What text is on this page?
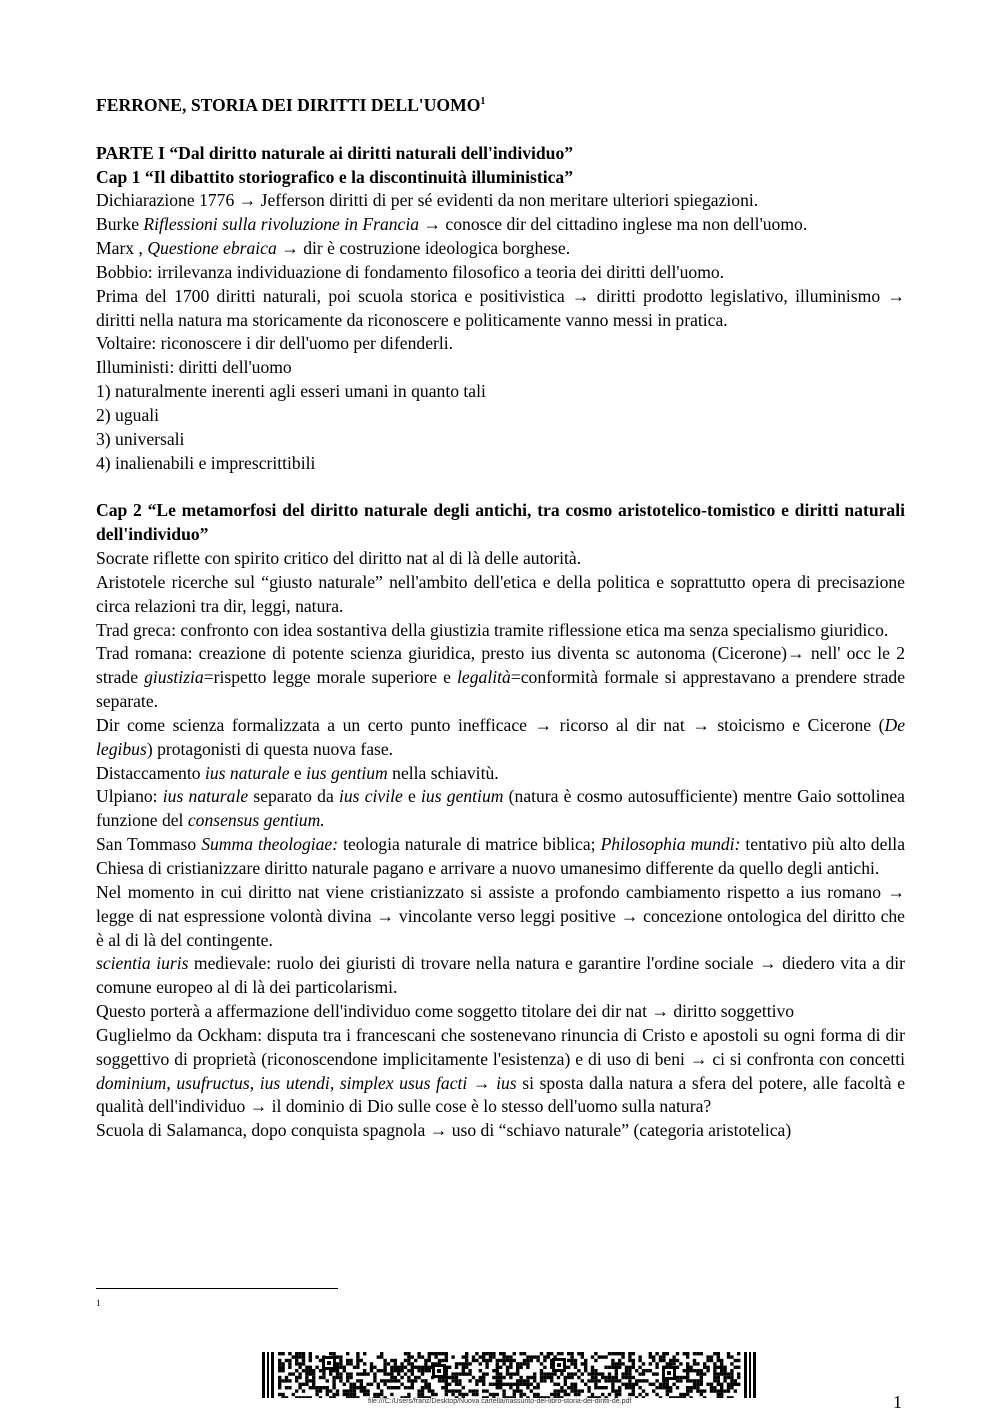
FERRONE, STORIA DEI DIRITTI DELL'UOMO$^1$

PARTE I “Dal diritto naturale ai diritti naturali dell'individuo”

Cap 1 “Il dibattito storiografico e la discontinuità illuministica”

Dichiarazione 1776 → Jefferson diritti di per sé evidenti da non meritare ulteriori spiegazioni.

Burke Riflessioni sulla rivoluzione in Francia → conosce dir del cittadino inglese ma non dell'uomo.

Marx , Questione ebraica → dir è costruzione ideologica borghese.

Bobbio: irrilevanza individuazione di fondamento filosofico a teoria dei diritti dell'uomo.

Prima del 1700 diritti naturali, poi scuola storica e positivistica → diritti prodotto legislativo, illuminismo → diritti nella natura ma storicamente da riconoscere e politicamente vanno messi in pratica.

Voltaire: riconoscere i dir dell'uomo per difenderli.

Illuministi: diritti dell'uomo

1) naturalmente inerenti agli esseri umani in quanto tali

2) uguali

3) universali

4) inalienabili e imprescrittibili

Cap 2 “Le metamorfosi del diritto naturale degli antichi, tra cosmo aristotelico-tomistico e diritti naturali dell'individuo”

Socrate riflette con spirito critico del diritto nat al di là delle autorità.

Aristotele ricerche sul “giusto naturale” nell'ambito dell'etica e della politica e soprattutto opera di precisazione circa relazioni tra dir, leggi, natura.

Trad greca: confronto con idea sostantiva della giustizia tramite riflessione etica ma senza specialismo giuridico.

Trad romana: creazione di potente scienza giuridica, presto ius diventa sc autonoma (Cicerone)→ nell' occ le 2 strade giustizia=rispetto legge morale superiore e legalità=conformità formale si apprestavano a prendere strade separate.

Dir come scienza formalizzata a un certo punto inefficace → ricorso al dir nat → stoicismo e Cicerone (De legibus) protagonisti di questa nuova fase.

Distaccamento ius naturale e ius gentium nella schiavitù.

Ulpiano: ius naturale separato da ius civile e ius gentium (natura è cosmo autosufficiente) mentre Gaio sottolinea funzione del consensus gentium.

San Tommaso Summa theologiae: teologia naturale di matrice biblica; Philosophia mundi: tentativo più alto della Chiesa di cristianizzare diritto naturale pagano e arrivare a nuovo umanesimo differente da quello degli antichi.

Nel momento in cui diritto nat viene cristianizzato si assiste a profondo cambiamento rispetto a ius romano → legge di nat espressione volontà divina → vincolante verso leggi positive → concezione ontologica del diritto che è al di là del contingente.

scientia iuris medievale: ruolo dei giuristi di trovare nella natura e garantire l'ordine sociale → diedero vita a dir comune europeo al di là dei particolarismi.

Questo porterà a affermazione dell'individuo come soggetto titolare dei dir nat → diritto soggettivo

Guglielmo da Ockham: disputa tra i francescani che sostenevano rinuncia di Cristo e apostoli su ogni forma di dir soggettivo di proprietà (riconoscendone implicitamente l'esistenza) e di uso di beni → ci si confronta con concetti dominium, usufructus, ius utendi, simplex usus facti → ius si sposta dalla natura a sfera del potere, alle facoltà e qualità dell'individuo → il dominio di Dio sulle cose è lo stesso dell'uomo sulla natura?

Scuola di Salamanca, dopo conquista spagnola → uso di “schiavo naturale” (categoria aristotelica)

1
file:///C:/Users/franz/Desktop/Nuova cartella/riassunto-del-libro-storia-dei-diritti-de.pdf	1
